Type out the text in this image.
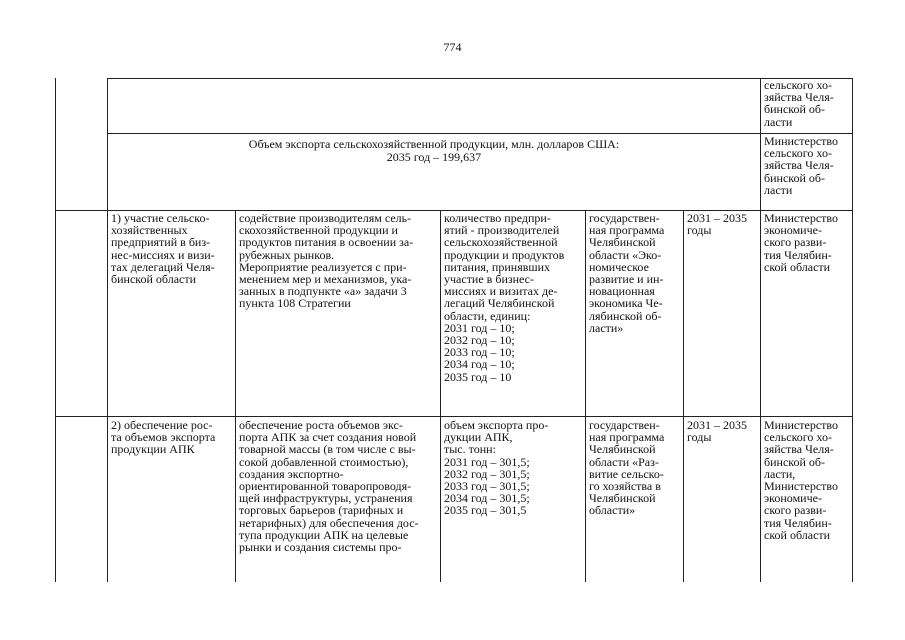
774
сельского хо-
зяйства Челя-
бинской об-
ласти
Объем экспорта сельскохозяйственной продукции, млн. долларов США:
2035 год – 199,637
Министерство
сельского хо-
зяйства Челя-
бинской об-
ласти
1) участие сельско-
хозяйственных
предприятий в биз-
нес-миссиях и визи-
тах делегаций Челя-
бинской области
содействие производителям сель-
скохозяйственной продукции и
продуктов питания в освоении за-
рубежных рынков.
Мероприятие реализуется с при-
менением мер и механизмов, ука-
занных в подпункте «а» задачи 3
пункта 108 Стратегии
количество предпри-
ятий - производителей
сельскохозяйственной
продукции и продуктов
питания, принявших
участие в бизнес-
миссиях и визитах де-
легаций Челябинской
области, единиц:
2031 год – 10;
2032 год – 10;
2033 год – 10;
2034 год – 10;
2035 год – 10
государствен-
ная программа
Челябинской
области «Эко-
номическое
развитие и ин-
новационная
экономика Че-
лябинской об-
ласти»
2031 – 2035
годы
Министерство
экономиче-
ского разви-
тия Челябин-
ской области
2) обеспечение рос-
та объемов экспорта
продукции АПК
обеспечение роста объемов экс-
порта АПК за счет создания новой
товарной массы (в том числе с вы-
сокой добавленной стоимостью),
создания экспортно-
ориентированной товаропроводя-
щей инфраструктуры, устранения
торговых барьеров (тарифных и
нетарифных) для обеспечения дос-
тупа продукции АПК на целевые
рынки и создания системы про-
объем экспорта про-
дукции АПК,
тыс. тонн:
2031 год – 301,5;
2032 год – 301,5;
2033 год – 301,5;
2034 год – 301,5;
2035 год – 301,5
государствен-
ная программа
Челябинской
области «Раз-
витие сельско-
го хозяйства в
Челябинской
области»
2031 – 2035
годы
Министерство
сельского хо-
зяйства Челя-
бинской об-
ласти,
Министерство
экономиче-
ского разви-
тия Челябин-
ской области
